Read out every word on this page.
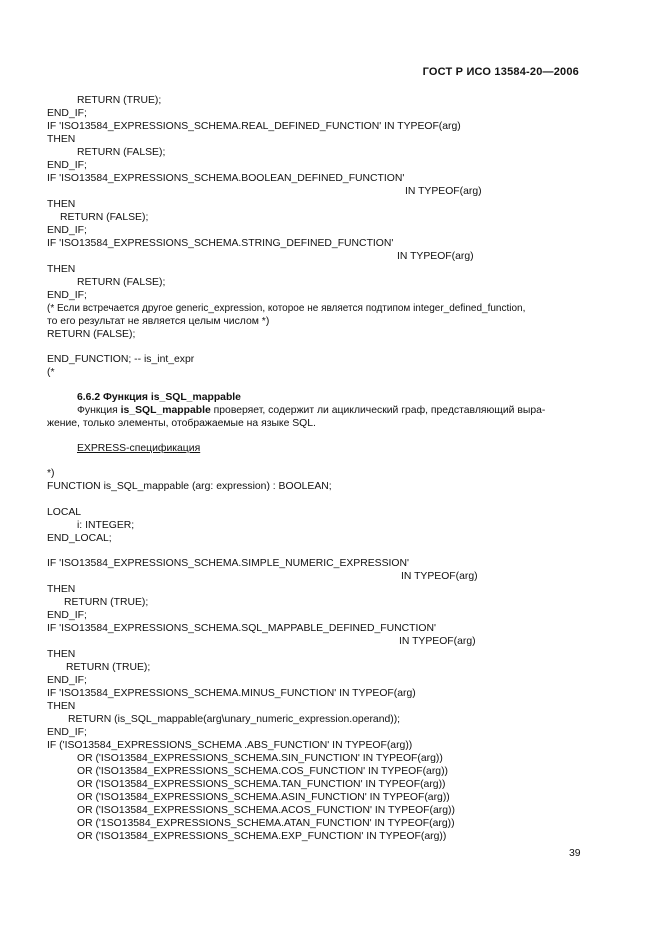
ГОСТ Р ИСО 13584-20—2006
RETURN (TRUE);
END_IF;
IF 'ISO13584_EXPRESSIONS_SCHEMA.REAL_DEFINED_FUNCTION' IN TYPEOF(arg)
THEN
RETURN (FALSE);
END_IF;
IF 'ISO13584_EXPRESSIONS_SCHEMA.BOOLEAN_DEFINED_FUNCTION'
IN TYPEOF(arg)
THEN
RETURN (FALSE);
END_IF;
IF 'ISO13584_EXPRESSIONS_SCHEMA.STRING_DEFINED_FUNCTION'
IN TYPEOF(arg)
THEN
RETURN (FALSE);
END_IF;
(* Если встречается другое generic_expression, которое не является подтипом integer_defined_function,
то его результат не является целым числом *)
RETURN (FALSE);
END_FUNCTION; -- is_int_expr
(*
6.6.2 Функция is_SQL_mappable
Функция is_SQL_mappable проверяет, содержит ли ациклический граф, представляющий выра-
жение, только элементы, отображаемые на языке SQL.
EXPRESS-спецификация
*)
FUNCTION is_SQL_mappable (arg: expression) : BOOLEAN;
LOCAL
i: INTEGER;
END_LOCAL;
IF 'ISO13584_EXPRESSIONS_SCHEMA.SIMPLE_NUMERIC_EXPRESSION'
IN TYPEOF(arg)
THEN
RETURN (TRUE);
END_IF;
IF 'ISO13584_EXPRESSIONS_SCHEMA.SQL_MAPPABLE_DEFINED_FUNCTION'
IN TYPEOF(arg)
THEN
RETURN (TRUE);
END_IF;
IF 'ISO13584_EXPRESSIONS_SCHEMA.MINUS_FUNCTION' IN TYPEOF(arg)
THEN
RETURN (is_SQL_mappable(arg\unary_numeric_expression.operand));
END_IF;
IF ('ISO13584_EXPRESSIONS_SCHEMA .ABS_FUNCTION' IN TYPEOF(arg))
OR ('ISO13584_EXPRESSIONS_SCHEMA.SIN_FUNCTION' IN TYPEOF(arg))
OR ('ISO13584_EXPRESSIONS_SCHEMA.COS_FUNCTION' IN TYPEOF(arg))
OR ('ISO13584_EXPRESSIONS_SCHEMA.TAN_FUNCTION' IN TYPEOF(arg))
OR ('ISO13584_EXPRESSIONS_SCHEMA.ASIN_FUNCTION' IN TYPEOF(arg))
OR ('ISO13584_EXPRESSIONS_SCHEMA.ACOS_FUNCTION' IN TYPEOF(arg))
OR ('1SO13584_EXPRESSIONS_SCHEMA.ATAN_FUNCTION' IN TYPEOF(arg))
OR ('ISO13584_EXPRESSIONS_SCHEMA.EXP_FUNCTION' IN TYPEOF(arg))
39
